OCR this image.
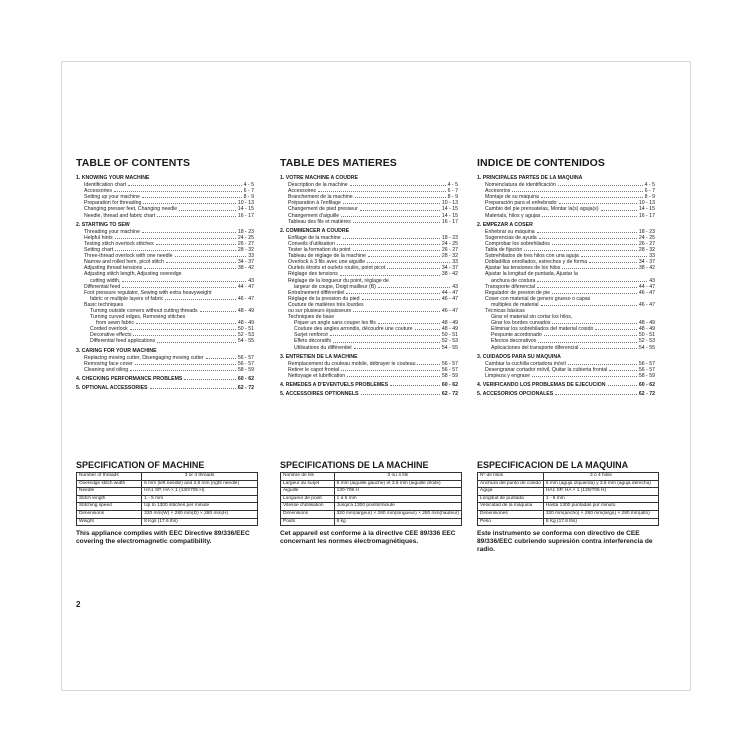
TABLE OF CONTENTS
1. KNOWING YOUR MACHINE
Identification chart	4 - 5
Accessories	6 - 7
Setting up your machine	8 - 9
Preparation for threading	10 - 13
Changing presser feet, Changing needle	14 - 15
Needle, thread and fabric chart	16 - 17
2. STARTING TO SEW
Threading your machine	18 - 23
Helpful hints	24 - 25
Testing stitch overlock stitches	26 - 27
Setting chart	28 - 32
Three-thread overlock with one needle	33
Narrow and rolled hem, picot stitch	34 - 37
Adjusting thread tensions	38 - 42
Adjusting stitch length, Adjusting overedge
cutting width,	43
Differential feed	44 - 47
Foot pressure regulator, Sewing with extra heavyweight
fabric or multiple layers of fabric	46 - 47
Basic techniques
Turning outside corners without cutting threads	48 - 49
Turning curved edges, Removing stitches
from sewn fabric	48 - 49
Corded overlock	50 - 51
Decorative effects	52 - 53
Differential feed applications	54 - 55
3. CARING FOR YOUR MACHINE
Replacing moving cutter, Disengaging moving cutter	56 - 57
Removing face cover	56 - 57
Cleaning and oiling	58 - 59
4. CHECKING PERFORMANCE PROBLEMS	60 - 62
5. OPTIONAL ACCESSORIES	62 - 72
TABLE DES MATIERES
1. VOTRE MACHINE A COUDRE
Description de la machine	4 - 5
Accessoires	6 - 7
Branchement de la machine	8 - 9
Préparation à l'enfilage	10 - 13
Changement de pied presseur	14 - 15
Changement d'aiguille	14 - 15
Tableau des fils et matières	16 - 17
2. COMMENCER A COUDRE
Enfilage de la machine	18 - 23
Conseils d'utilisation	24 - 25
Tester la formation du point	26 - 27
Tableau de réglage de la machine	28 - 32
Overlock à 3 fils avec une aiguille	33
Ourlets étroits et ourlets roulés, point picot	34 - 37
Réglage des tensions	38 - 42
Réglage de la longueur du point, réglage de
largeur de coupe, Doigt mailleur (B)	43
Entraînement différentiel	44 - 47
Réglage de la pression du pied	46 - 47
Couture de matières très lourdes
ou sur plusieurs épaisseurs	46 - 47
Techniques de base
Piquer un angle sans couper les fils	48 - 49
Couture des angles arrondis, découdre une couture	48 - 49
Surjet renforcé	50 - 51
Effets décoratifs	52 - 53
Utilisations du différentiel	54 - 55
3. ENTRETIEN DE LA MACHINE
Remplacement du couteau mobile, débrayer le couteau	56 - 57
Retirer le capot frontal	56 - 57
Nettoyage et lubrification	58 - 59
4. REMEDES A D'EVENTUELS PROBLEMES	60 - 62
5. ACCESSOIRES OPTIONNELS	62 - 72
INDICE DE CONTENIDOS
1. PRINCIPALES PARTES DE LA MAQUINA
Nomenclatura de identificación	4 - 5
Accesorios	6 - 7
Montaje de su máquina	8 - 9
Preparación para el enhebrado	10 - 13
Cambio del pie prensatelas, Montar la(s) aguja(s)	14 - 15
Materials, hilos y agujas	16 - 17
2. EMPEZAR A COSER
Enhebrar su máquina	18 - 23
Sugerencias de ayuda	24 - 25
Comprobar los sobrehilados	26 - 27
Tabla de fijación	28 - 32
Sobrehilados de tres hilos con una aguja	33
Dobladillos enrollados, estrechos y de forma	34 - 37
Ajustar las tensiones de los hilos	38 - 42
Ajustar la longitud de puntada, Ajustar la
anchura de costura	43
Transporte diferencial	44 - 47
Regulador de presion de pie	46 - 47
Coser con material de genero grueso o capas
multiples de material	46 - 47
Técnicas básicas
Girar el material sin cortar los hilos,
Girar los bordes curvados	48 - 49
Eliminar los sobrehilados del material cosido	48 - 49
Pespunte acordonado	50 - 51
Efectos decorativos	52 - 53
Aplicaciones del transporte diferencial	54 - 55
3. CUIDADOS PARA SU MAQUINA
Cambiar la cuchilla cortadora móvil	56 - 57
Desengranar cortador móvil, Quitar la cubierta frontal	56 - 57
Limpieza y engrase	58 - 59
4. VERIFICANDO LOS PROBLEMAS DE EJECUCION	60 - 62
5. ACCESORIOS OPCIONALES	62 - 72
SPECIFICATION OF MACHINE
Number of threads	3 or 4 threads
Overedge stitch width	6 mm (left needle) and 3.8 mm (right needle)
Needle	HA1 SP, HA × 1 (130/705 H)
Stitch length	1 - 5 mm
Stitching speed	Up to 1300 stitches per minute
Dimensions	320 mm(W) × 280 mm(D) × 280 mm(H)
Weight	8 Kgs (17.6 lbs)
This appliance complies with EEC Directive 89/336/EEC covering the electromagnetic compatibility.
SPECIFICATIONS DE LA MACHINE
Nombre de fils	3 ou 4 fils
Largeur du surjet	6 mm (aiguille gauche) et 3.8 mm (aiguille droite)
Aiguille	130-705 H
Longueur de point	1 à 5 mm
Vitesse d'utilisation	Jusqu'à 1300 points/minute
Dimensions	320 mm(largeur) × 280 mm(longueur) × 280 mm(hauteur)
Poids	8 kg
Cet appareil est conforme à la directive CEE 89/336 EEC concernant les normes électromagnétiques.
ESPECIFICACION DE LA MAQUINA
Nº de hilos	3 ó 4 hilos
Anchura del punto de cosido	6 mm (aguja izquierda) y 3.8 mm (aguja derecha)
Aguja	HA1 SP, HA × 1 (130/705 H)
Longitud de puntada	1 - 5 mm
Velocidad de la máquina	Hasta 1300 puntadas por minuto
Dimensiones	320 mm(ancho) × 280 mm(largo) × 280 mm(alto)
Peso	8 Kg (17.6 lbs)
Este instrumento se conforma con directivo de CEE 89/336/EEC cubriendo supresión contra interferencia de radio.
2
